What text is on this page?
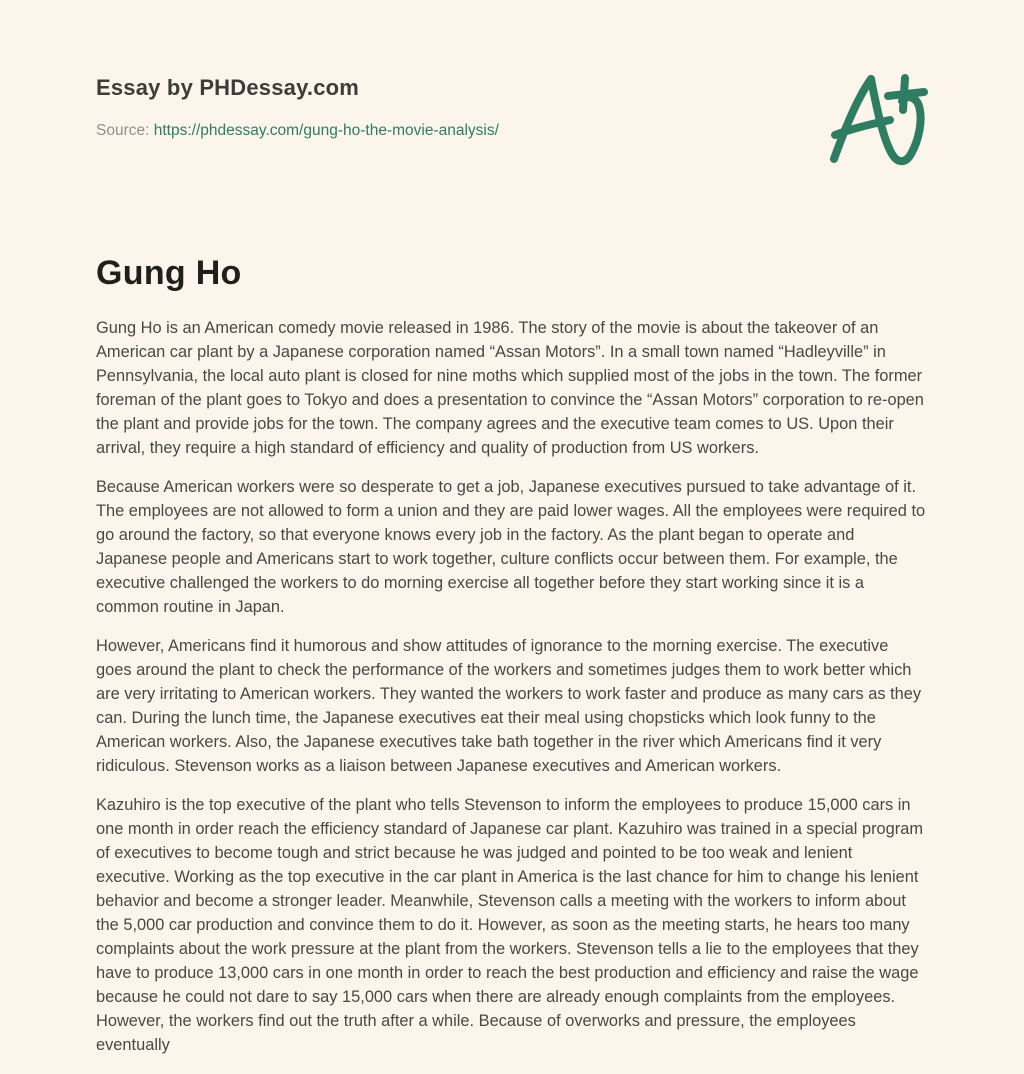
Essay by PHDessay.com
Source: https://phdessay.com/gung-ho-the-movie-analysis/
Gung Ho

Gung Ho is an American comedy movie released in 1986. The story of the movie is about the takeover of an American car plant by a Japanese corporation named “Assan Motors”. In a small town named “Hadleyville” in Pennsylvania, the local auto plant is closed for nine moths which supplied most of the jobs in the town. The former foreman of the plant goes to Tokyo and does a presentation to convince the “Assan Motors” corporation to re-open the plant and provide jobs for the town. The company agrees and the executive team comes to US. Upon their arrival, they require a high standard of efficiency and quality of production from US workers.

Because American workers were so desperate to get a job, Japanese executives pursued to take advantage of it. The employees are not allowed to form a union and they are paid lower wages. All the employees were required to go around the factory, so that everyone knows every job in the factory. As the plant began to operate and Japanese people and Americans start to work together, culture conflicts occur between them. For example, the executive challenged the workers to do morning exercise all together before they start working since it is a common routine in Japan.

However, Americans find it humorous and show attitudes of ignorance to the morning exercise. The executive goes around the plant to check the performance of the workers and sometimes judges them to work better which are very irritating to American workers. They wanted the workers to work faster and produce as many cars as they can. During the lunch time, the Japanese executives eat their meal using chopsticks which look funny to the American workers. Also, the Japanese executives take bath together in the river which Americans find it very ridiculous. Stevenson works as a liaison between Japanese executives and American workers.

Kazuhiro is the top executive of the plant who tells Stevenson to inform the employees to produce 15,000 cars in one month in order reach the efficiency standard of Japanese car plant. Kazuhiro was trained in a special program of executives to become tough and strict because he was judged and pointed to be too weak and lenient executive. Working as the top executive in the car plant in America is the last chance for him to change his lenient behavior and become a stronger leader. Meanwhile, Stevenson calls a meeting with the workers to inform about the 5,000 car production and convince them to do it. However, as soon as the meeting starts, he hears too many complaints about the work pressure at the plant from the workers. Stevenson tells a lie to the employees that they have to produce 13,000 cars in one month in order to reach the best production and efficiency and raise the wage because he could not dare to say 15,000 cars when there are already enough complaints from the employees. However, the workers find out the truth after a while. Because of overworks and pressure, the employees eventually
